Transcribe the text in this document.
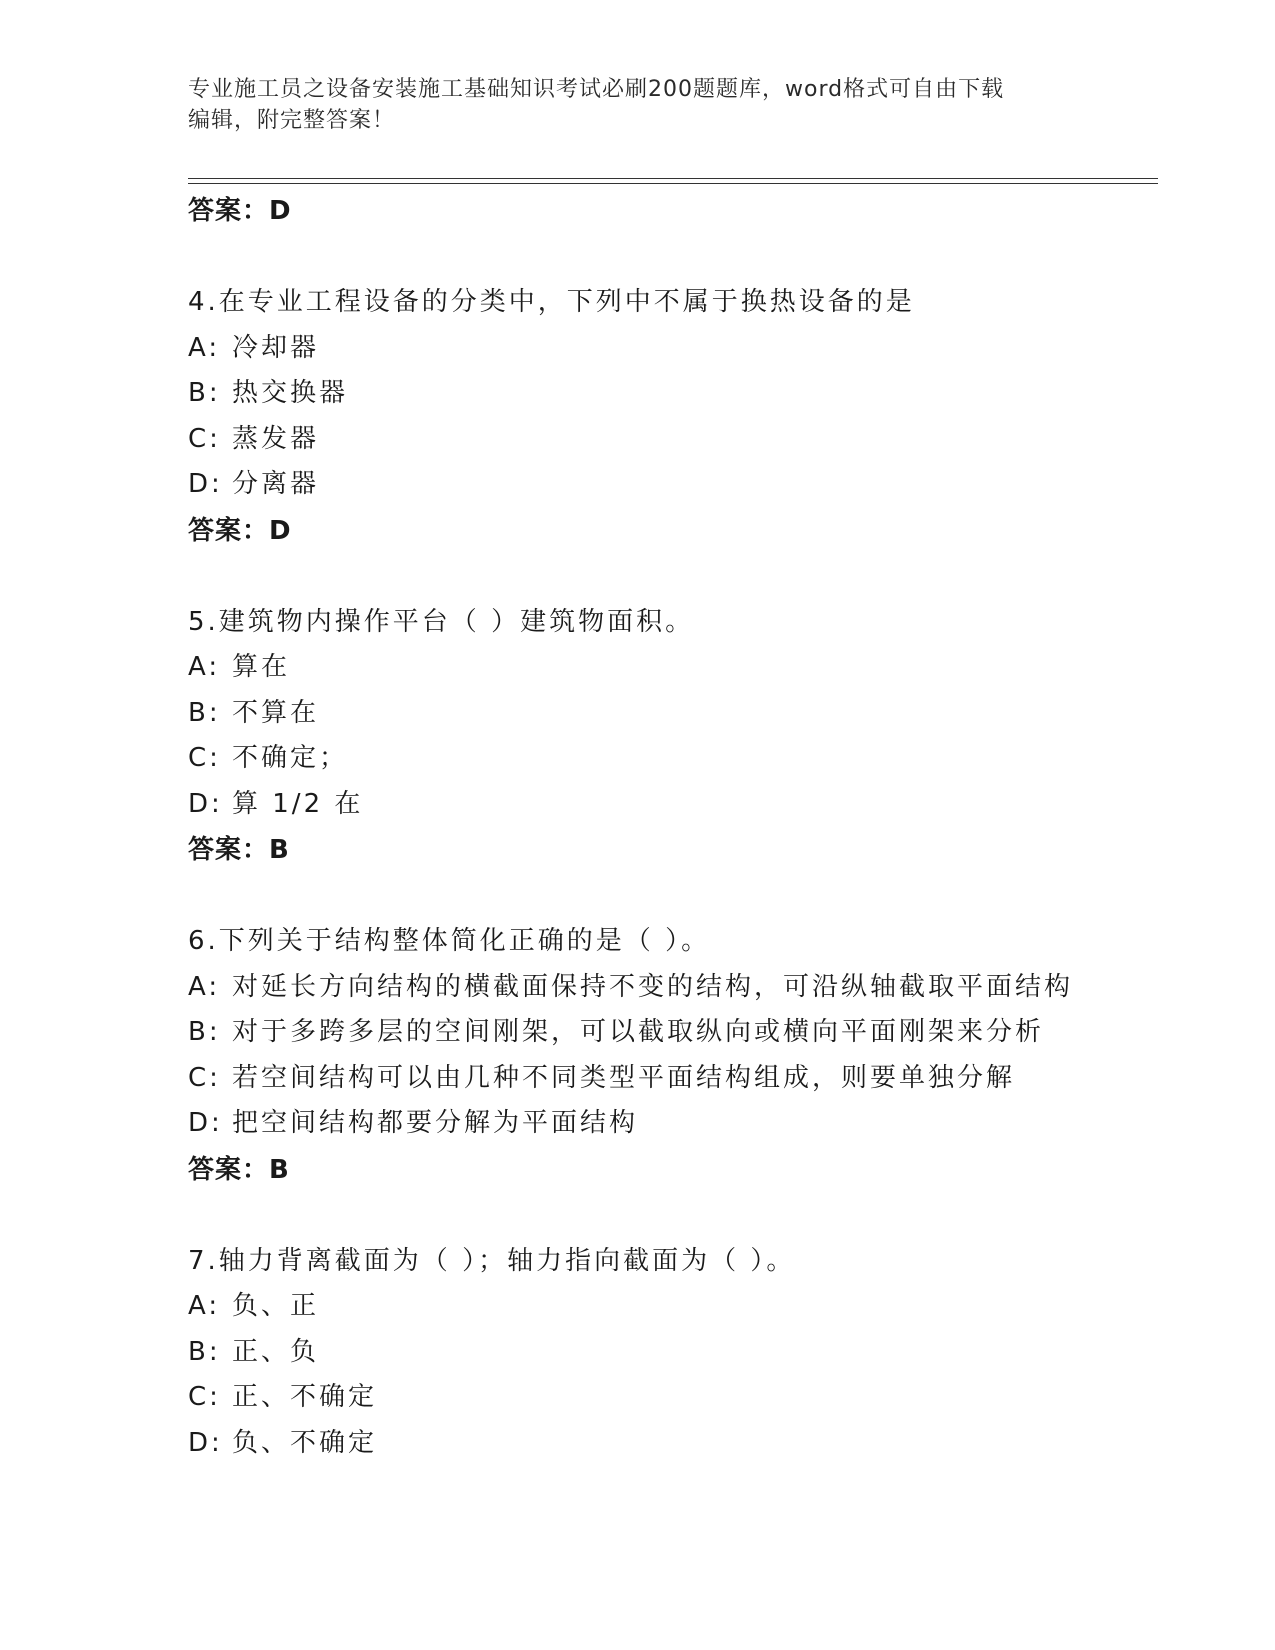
专业施工员之设备安装施工基础知识考试必刷200题题库，word格式可自由下载
编辑，附完整答案！
答案：D
4.在专业工程设备的分类中，下列中不属于换热设备的是
A: 冷却器
B: 热交换器
C: 蒸发器
D: 分离器
答案：D
5.建筑物内操作平台（ ）建筑物面积。
A: 算在
B: 不算在
C: 不确定；
D: 算 1/2 在
答案：B
6.下列关于结构整体简化正确的是（ ）。
A: 对延长方向结构的横截面保持不变的结构，可沿纵轴截取平面结构
B: 对于多跨多层的空间刚架，可以截取纵向或横向平面刚架来分析
C: 若空间结构可以由几种不同类型平面结构组成，则要单独分解
D: 把空间结构都要分解为平面结构
答案：B
7.轴力背离截面为（ ）；轴力指向截面为（ ）。
A: 负、正
B: 正、负
C: 正、不确定
D: 负、不确定
